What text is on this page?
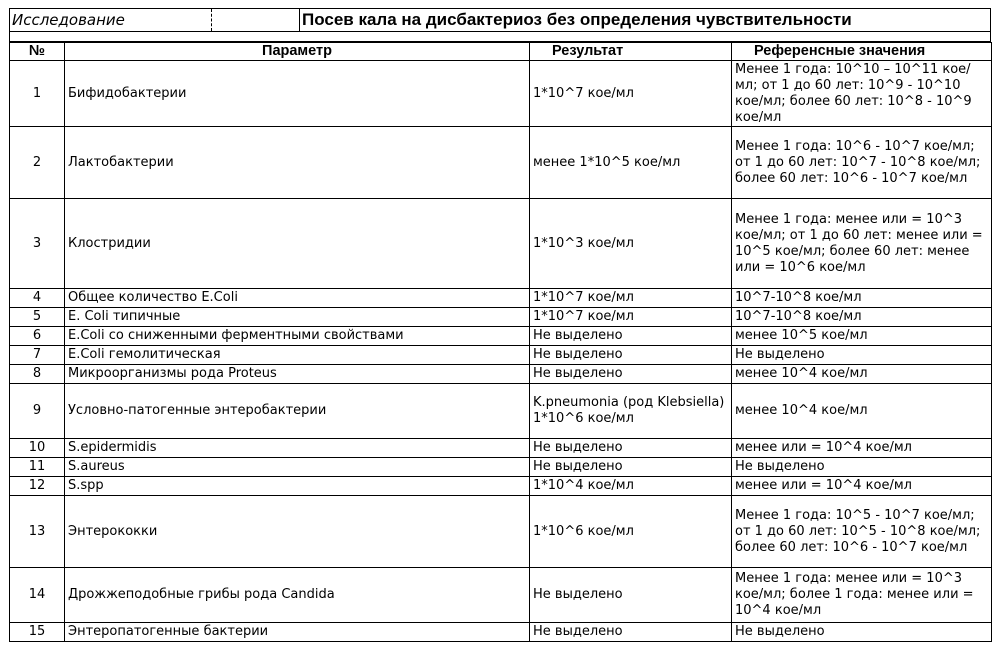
Исследование	Посев кала на дисбактериоз без определения чувствительности
№	Параметр	Результат	Референсные значения
1	Бифидобактерии	1*10^7 кое/мл	Менее 1 года: 10^10 – 10^11 кое/мл; от 1 до 60 лет: 10^9 - 10^10 кое/мл; более 60 лет: 10^8 - 10^9 кое/мл
2	Лактобактерии	менее 1*10^5 кое/мл	Менее 1 года: 10^6 - 10^7 кое/мл; от 1 до 60 лет: 10^7 - 10^8 кое/мл; более 60 лет: 10^6 - 10^7 кое/мл
3	Клостридии	1*10^3 кое/мл	Менее 1 года: менее или = 10^3 кое/мл; от 1 до 60 лет: менее или = 10^5 кое/мл; более 60 лет: менее или = 10^6 кое/мл
4	Общее количество E.Coli	1*10^7 кое/мл	10^7-10^8 кое/мл
5	E. Coli типичные	1*10^7 кое/мл	10^7-10^8 кое/мл
6	E.Coli со сниженными ферментными свойствами	Не выделено	менее 10^5 кое/мл
7	E.Coli гемолитическая	Не выделено	Не выделено
8	Микроорганизмы рода Proteus	Не выделено	менее 10^4 кое/мл
9	Условно-патогенные энтеробактерии	K.pneumonia (род Klebsiella) 1*10^6 кое/мл	менее 10^4 кое/мл
10	S.epidermidis	Не выделено	менее или = 10^4 кое/мл
11	S.aureus	Не выделено	Не выделено
12	S.spp	1*10^4 кое/мл	менее или = 10^4 кое/мл
13	Энтерококки	1*10^6 кое/мл	Менее 1 года: 10^5 - 10^7 кое/мл; от 1 до 60 лет: 10^5 - 10^8 кое/мл; более 60 лет: 10^6 - 10^7 кое/мл
14	Дрожжеподобные грибы рода Candida	Не выделено	Менее 1 года: менее или = 10^3 кое/мл; более 1 года: менее или = 10^4 кое/мл
15	Энтеропатогенные бактерии	Не выделено	Не выделено
